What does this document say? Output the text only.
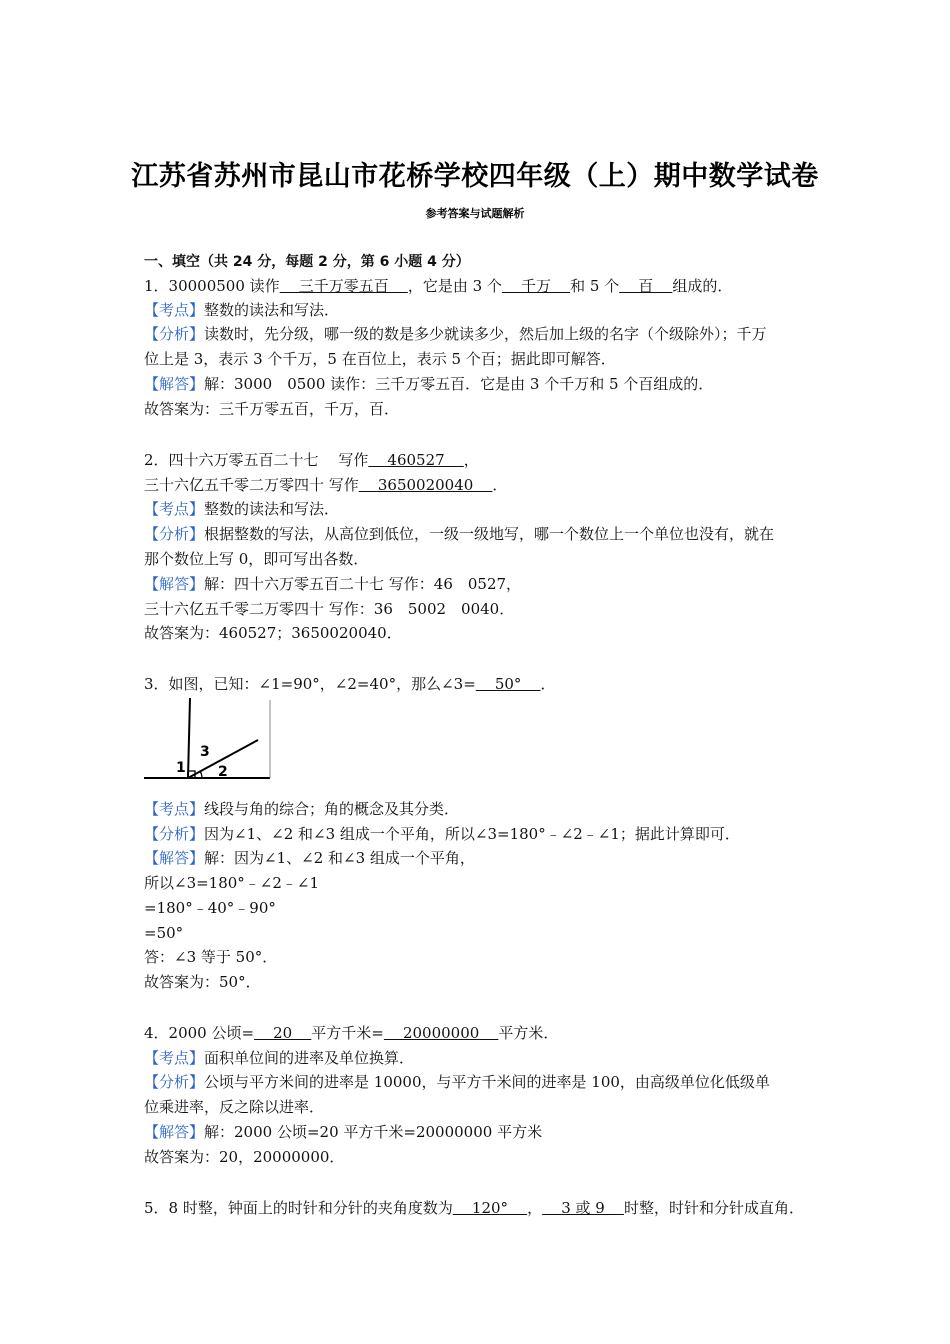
江苏省苏州市昆山市花桥学校四年级（上）期中数学试卷
参考答案与试题解析
一、填空（共 24 分，每题 2 分，第 6 小题 4 分）
1．30000500 读作    三千万零五百    ，它是由 3 个    千万    和 5 个    百    组成的．
【考点】整数的读法和写法．
【分析】读数时，先分级，哪一级的数是多少就读多少，然后加上级的名字（个级除外）；千万
位上是 3，表示 3 个千万，5 在百位上，表示 5 个百；据此即可解答．
【解答】解：3000　0500 读作：三千万零五百．它是由 3 个千万和 5 个百组成的．
故答案为：三千万零五百，千万，百．
2．四十六万零五百二十七　 写作    460527    ，
三十六亿五千零二万零四十 写作    3650020040    ．
【考点】整数的读法和写法．
【分析】根据整数的写法，从高位到低位，一级一级地写，哪一个数位上一个单位也没有，就在
那个数位上写 0，即可写出各数．
【解答】解：四十六万零五百二十七 写作：46　0527，
三十六亿五千零二万零四十 写作：36　5002　0040．
故答案为：460527；3650020040．
3．如图，已知：∠1=90°，∠2=40°，那么∠3=    50°    ．
1
3
2
【考点】线段与角的综合；角的概念及其分类．
【分析】因为∠1、∠2 和∠3 组成一个平角，所以∠3=180°﹣∠2﹣∠1；据此计算即可．
【解答】解：因为∠1、∠2 和∠3 组成一个平角，
所以∠3=180°﹣∠2﹣∠1
=180°﹣40°﹣90°
=50°
答：∠3 等于 50°．
故答案为：50°．
4．2000 公顷=    20    平方千米=    20000000    平方米．
【考点】面积单位间的进率及单位换算．
【分析】公顷与平方米间的进率是 10000，与平方千米间的进率是 100，由高级单位化低级单
位乘进率，反之除以进率．
【解答】解：2000 公顷=20 平方千米=20000000 平方米
故答案为：20，20000000．
5．8 时整，钟面上的时针和分针的夹角度数为    120°    ，    3 或 9    时整，时针和分针成直角．
